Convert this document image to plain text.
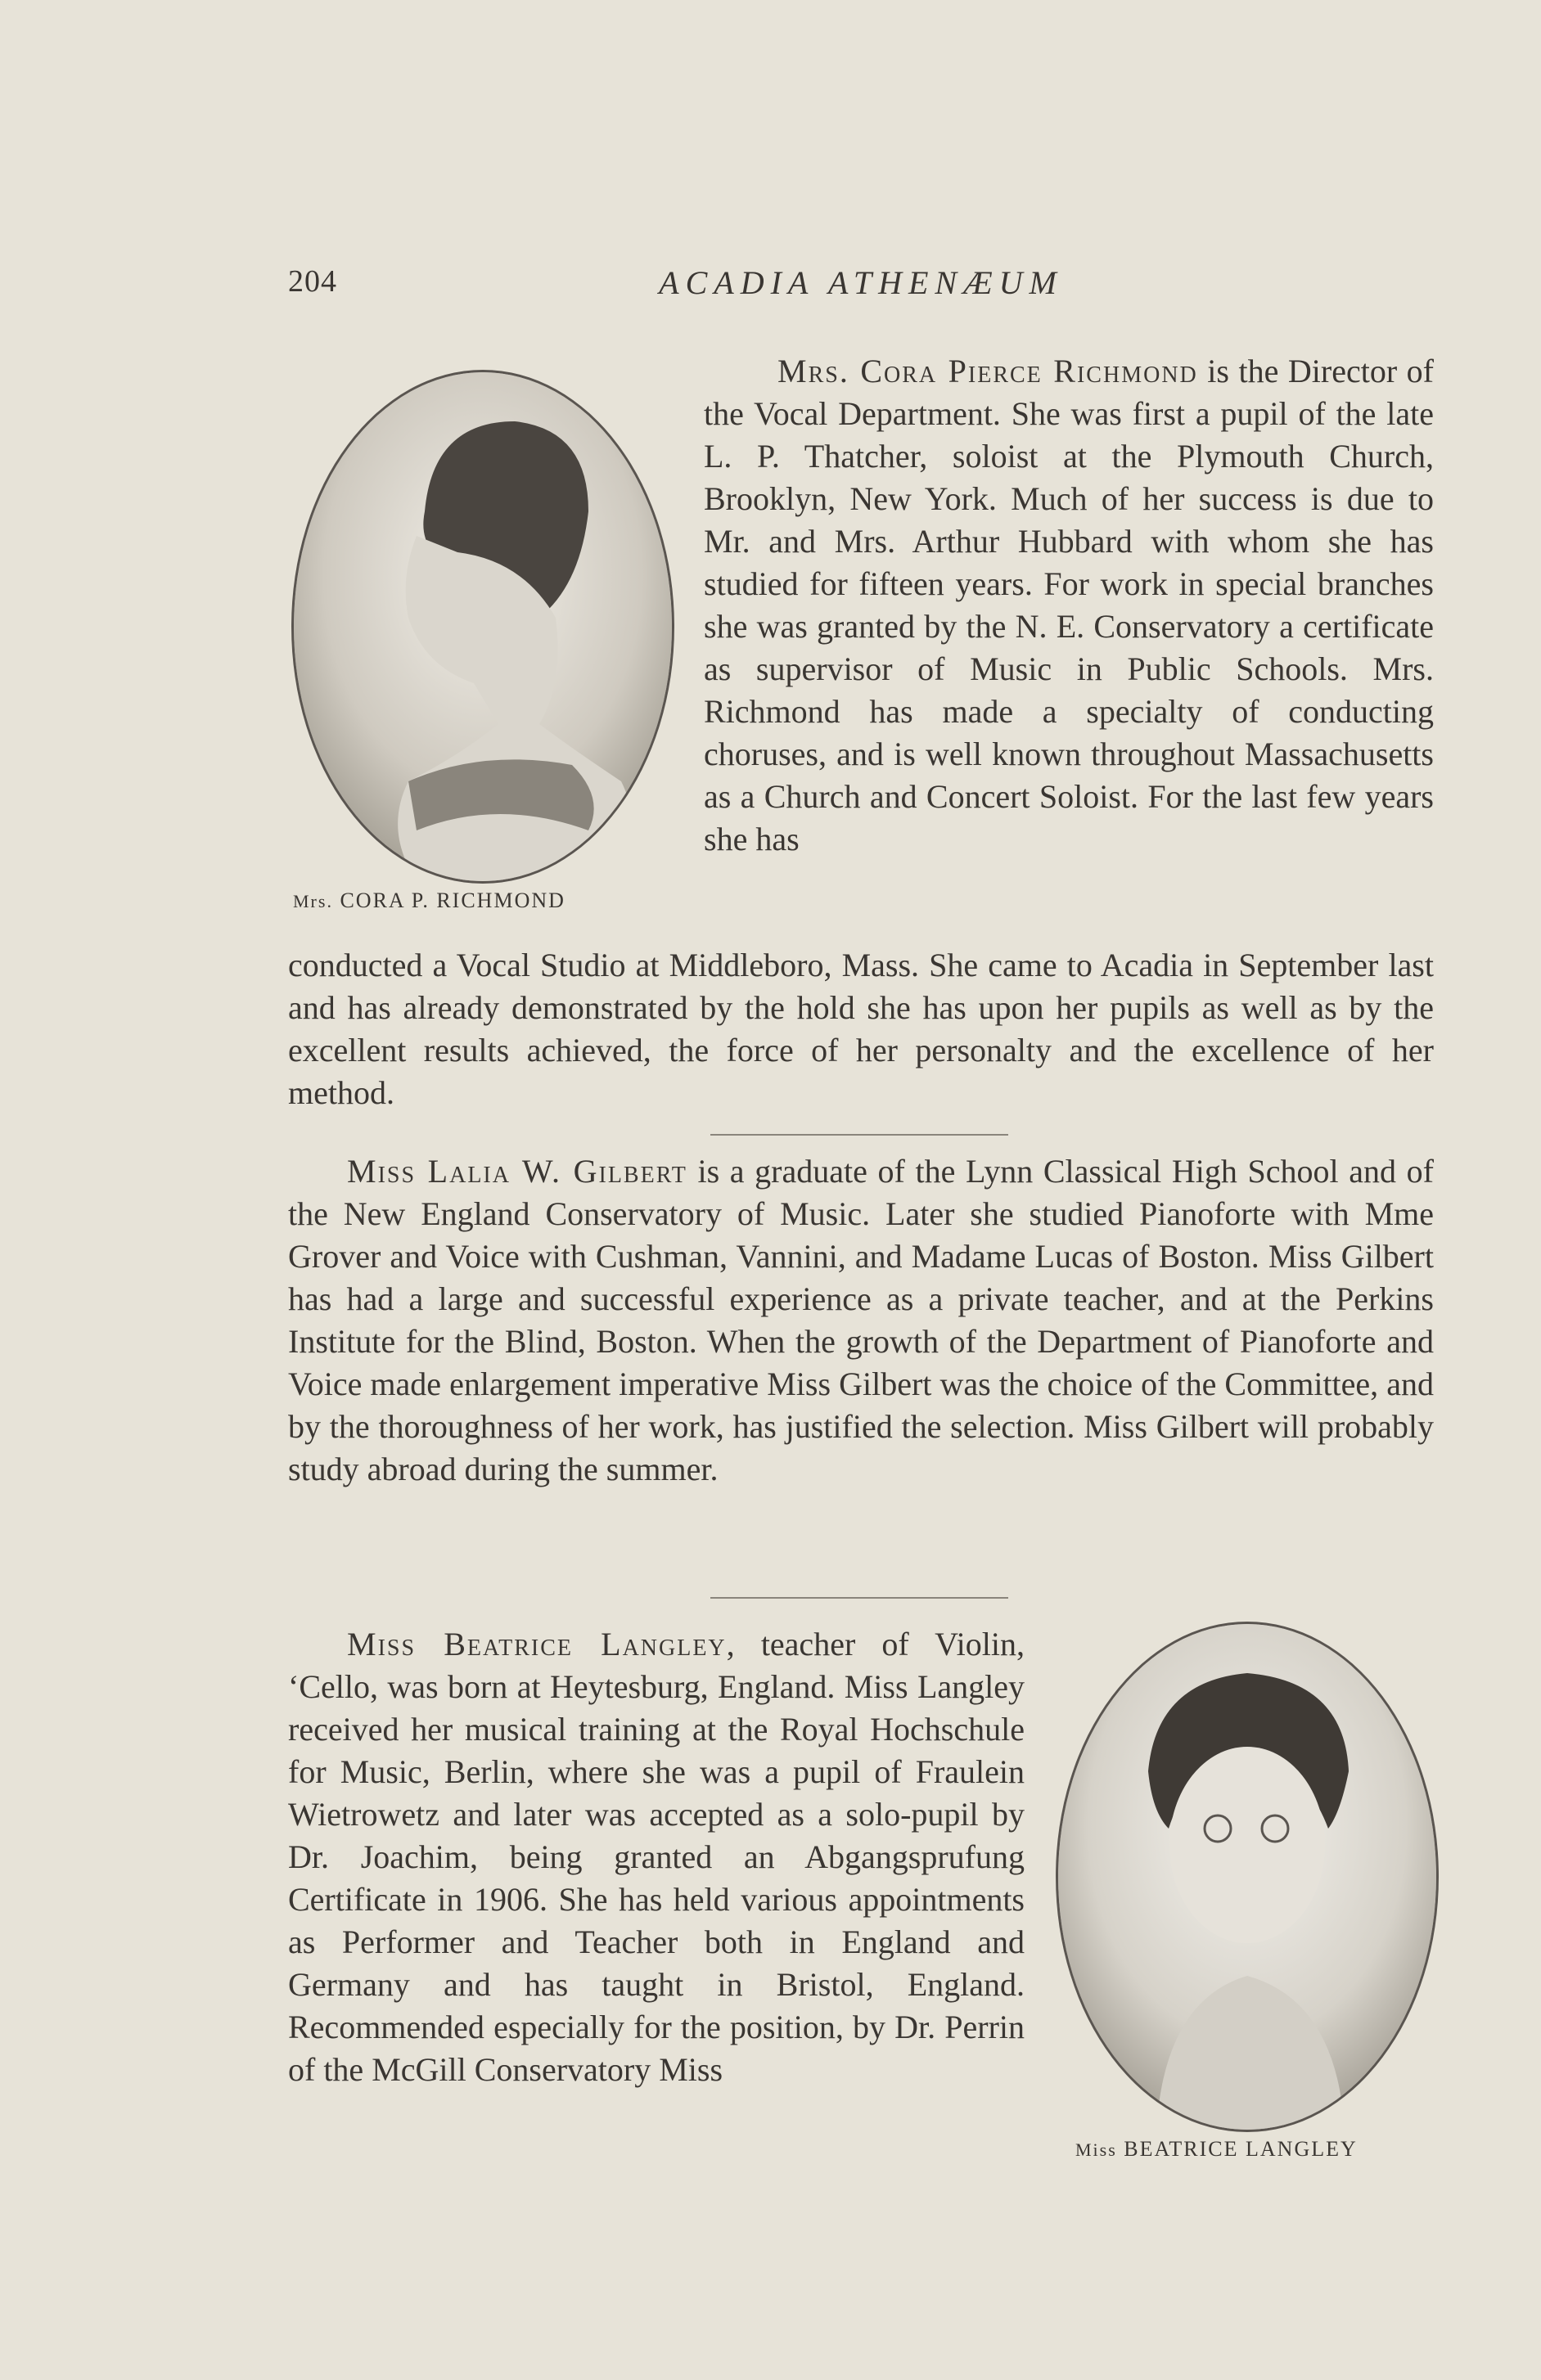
204	ACADIA ATHENÆUM
Mrs. CORA P. RICHMOND
Mrs. Cora Pierce Richmond is the Director of the Vocal Department. She was first a pupil of the late L. P. Thatcher, soloist at the Plymouth Church, Brooklyn, New York. Much of her success is due to Mr. and Mrs. Arthur Hubbard with whom she has studied for fifteen years. For work in special branches she was granted by the N. E. Conservatory a certificate as supervisor of Music in Public Schools. Mrs. Richmond has made a specialty of conducting choruses, and is well known throughout Massachusetts as a Church and Concert Soloist. For the last few years she has
conducted a Vocal Studio at Middleboro, Mass. She came to Acadia in September last and has already demonstrated by the hold she has upon her pupils as well as by the excellent results achieved, the force of her personalty and the excellence of her method.
Miss Lalia W. Gilbert is a graduate of the Lynn Classical High School and of the New England Conservatory of Music. Later she studied Pianoforte with Mme Grover and Voice with Cushman, Vannini, and Madame Lucas of Boston. Miss Gilbert has had a large and successful experience as a private teacher, and at the Perkins Institute for the Blind, Boston. When the growth of the Department of Pianoforte and Voice made enlargement imperative Miss Gilbert was the choice of the Committee, and by the thoroughness of her work, has justified the selection. Miss Gilbert will probably study abroad during the summer.
Miss Beatrice Langley, teacher of Violin, ‘Cello, was born at Heytesburg, England. Miss Langley received her musical training at the Royal Hochschule for Music, Berlin, where she was a pupil of Fraulein Wietrowetz and later was accepted as a solo-pupil by Dr. Joachim, being granted an Abgangsprufung Certificate in 1906. She has held various appointments as Performer and Teacher both in England and Germany and has taught in Bristol, England. Recommended especially for the position, by Dr. Perrin of the McGill Conservatory Miss
Miss BEATRICE LANGLEY
